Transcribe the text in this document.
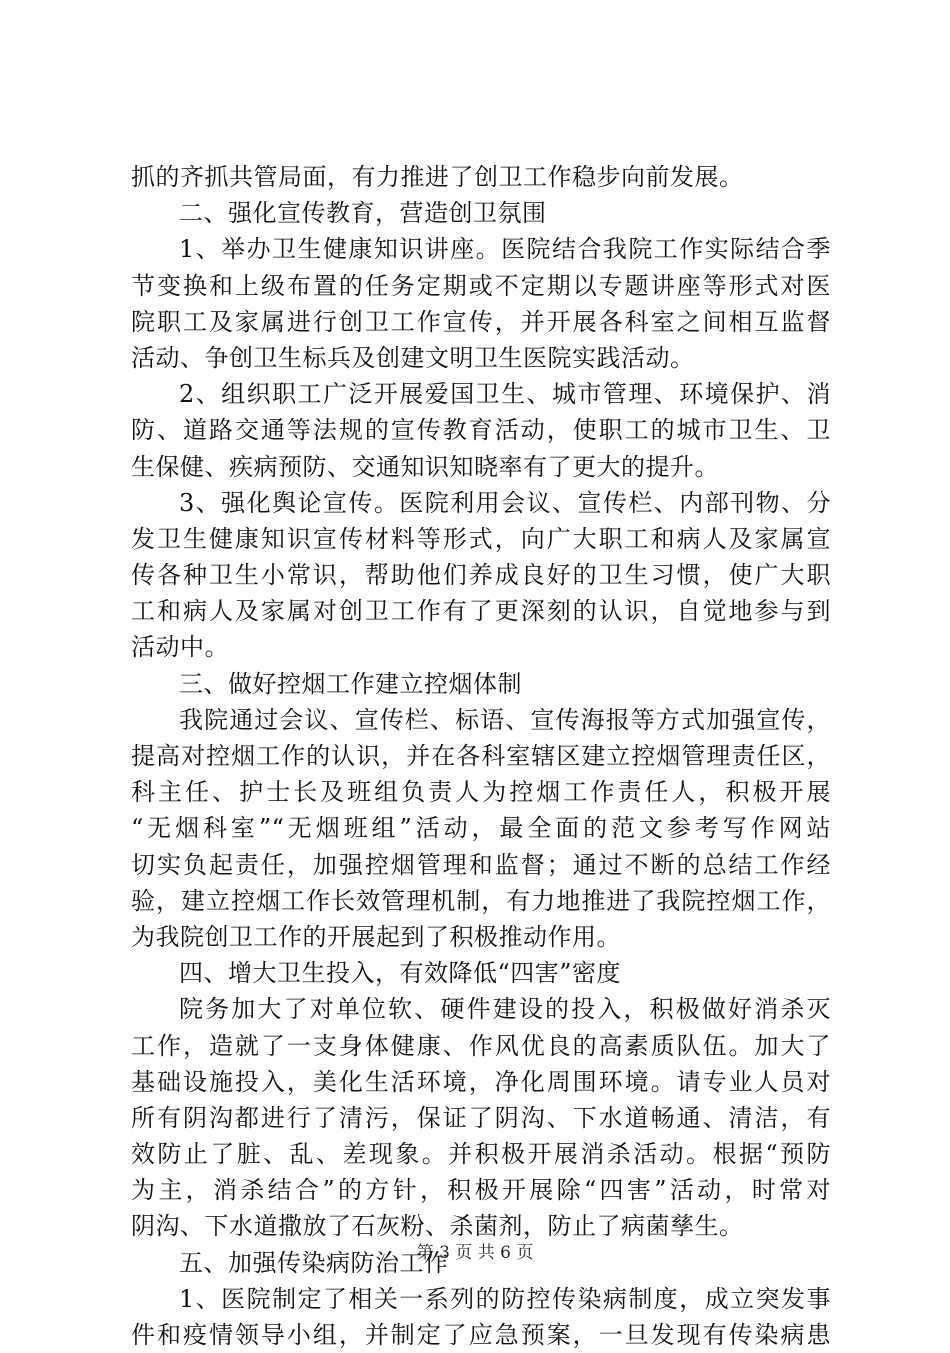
抓的齐抓共管局面，有力推进了创卫工作稳步向前发展。
二、强化宣传教育，营造创卫氛围
1、举办卫生健康知识讲座。医院结合我院工作实际结合季
节变换和上级布置的任务定期或不定期以专题讲座等形式对医
院职工及家属进行创卫工作宣传，并开展各科室之间相互监督
活动、争创卫生标兵及创建文明卫生医院实践活动。
2、组织职工广泛开展爱国卫生、城市管理、环境保护、消
防、道路交通等法规的宣传教育活动，使职工的城市卫生、卫
生保健、疾病预防、交通知识知晓率有了更大的提升。
3、强化舆论宣传。医院利用会议、宣传栏、内部刊物、分
发卫生健康知识宣传材料等形式，向广大职工和病人及家属宣
传各种卫生小常识，帮助他们养成良好的卫生习惯，使广大职
工和病人及家属对创卫工作有了更深刻的认识，自觉地参与到
活动中。
三、做好控烟工作建立控烟体制
我院通过会议、宣传栏、标语、宣传海报等方式加强宣传，
提高对控烟工作的认识，并在各科室辖区建立控烟管理责任区，
科主任、护士长及班组负责人为控烟工作责任人，积极开展
“无烟科室”“无烟班组”活动，最全面的范文参考写作网站
切实负起责任，加强控烟管理和监督；通过不断的总结工作经
验，建立控烟工作长效管理机制，有力地推进了我院控烟工作，
为我院创卫工作的开展起到了积极推动作用。
四、增大卫生投入，有效降低“四害”密度
院务加大了对单位软、硬件建设的投入，积极做好消杀灭
工作，造就了一支身体健康、作风优良的高素质队伍。加大了
基础设施投入，美化生活环境，净化周围环境。请专业人员对
所有阴沟都进行了清污，保证了阴沟、下水道畅通、清洁，有
效防止了脏、乱、差现象。并积极开展消杀活动。根据“预防
为主，消杀结合”的方针，积极开展除“四害”活动，时常对
阴沟、下水道撒放了石灰粉、杀菌剂，防止了病菌孳生。
五、加强传染病防治工作
1、医院制定了相关一系列的防控传染病制度，成立突发事
件和疫情领导小组，并制定了应急预案，一旦发现有传染病患
第 3 页 共 6 页
